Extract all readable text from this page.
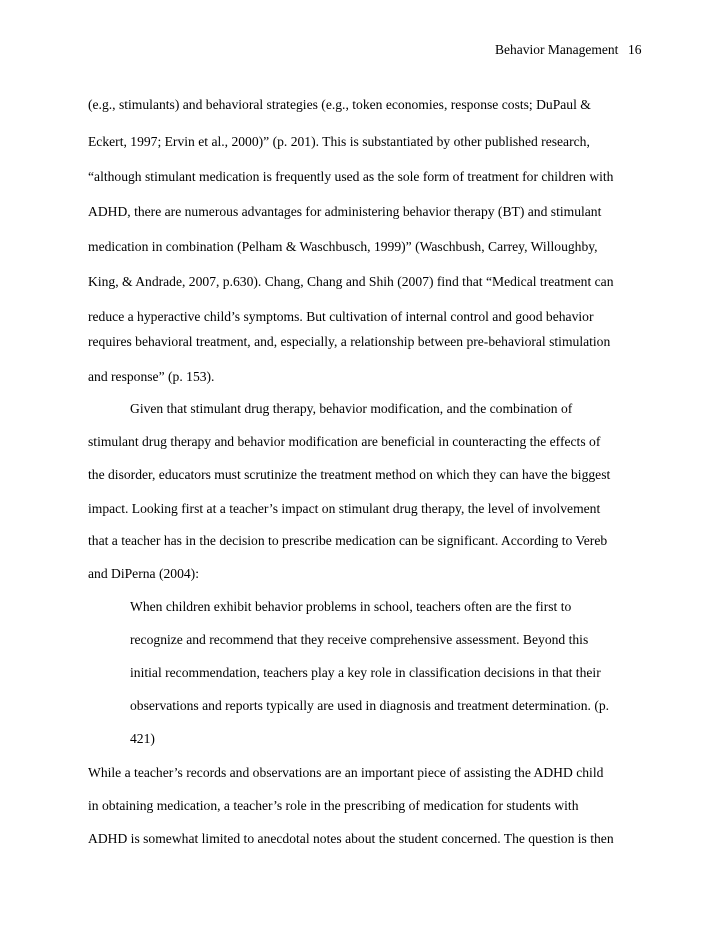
Behavior Management 16
(e.g., stimulants) and behavioral strategies (e.g., token economies, response costs; DuPaul &
Eckert, 1997; Ervin et al., 2000)” (p. 201). This is substantiated by other published research,
“although stimulant medication is frequently used as the sole form of treatment for children with
ADHD, there are numerous advantages for administering behavior therapy (BT) and stimulant
medication in combination (Pelham & Waschbusch, 1999)” (Waschbush, Carrey, Willoughby,
King, & Andrade, 2007, p.630). Chang, Chang and Shih (2007) find that “Medical treatment can
reduce a hyperactive child’s symptoms. But cultivation of internal control and good behavior
requires behavioral treatment, and, especially, a relationship between pre-behavioral stimulation
and response” (p. 153).
Given that stimulant drug therapy, behavior modification, and the combination of
stimulant drug therapy and behavior modification are beneficial in counteracting the effects of
the disorder, educators must scrutinize the treatment method on which they can have the biggest
impact. Looking first at a teacher’s impact on stimulant drug therapy, the level of involvement
that a teacher has in the decision to prescribe medication can be significant. According to Vereb
and DiPerna (2004):
When children exhibit behavior problems in school, teachers often are the first to
recognize and recommend that they receive comprehensive assessment. Beyond this
initial recommendation, teachers play a key role in classification decisions in that their
observations and reports typically are used in diagnosis and treatment determination. (p.
421)
While a teacher’s records and observations are an important piece of assisting the ADHD child
in obtaining medication, a teacher’s role in the prescribing of medication for students with
ADHD is somewhat limited to anecdotal notes about the student concerned. The question is then
